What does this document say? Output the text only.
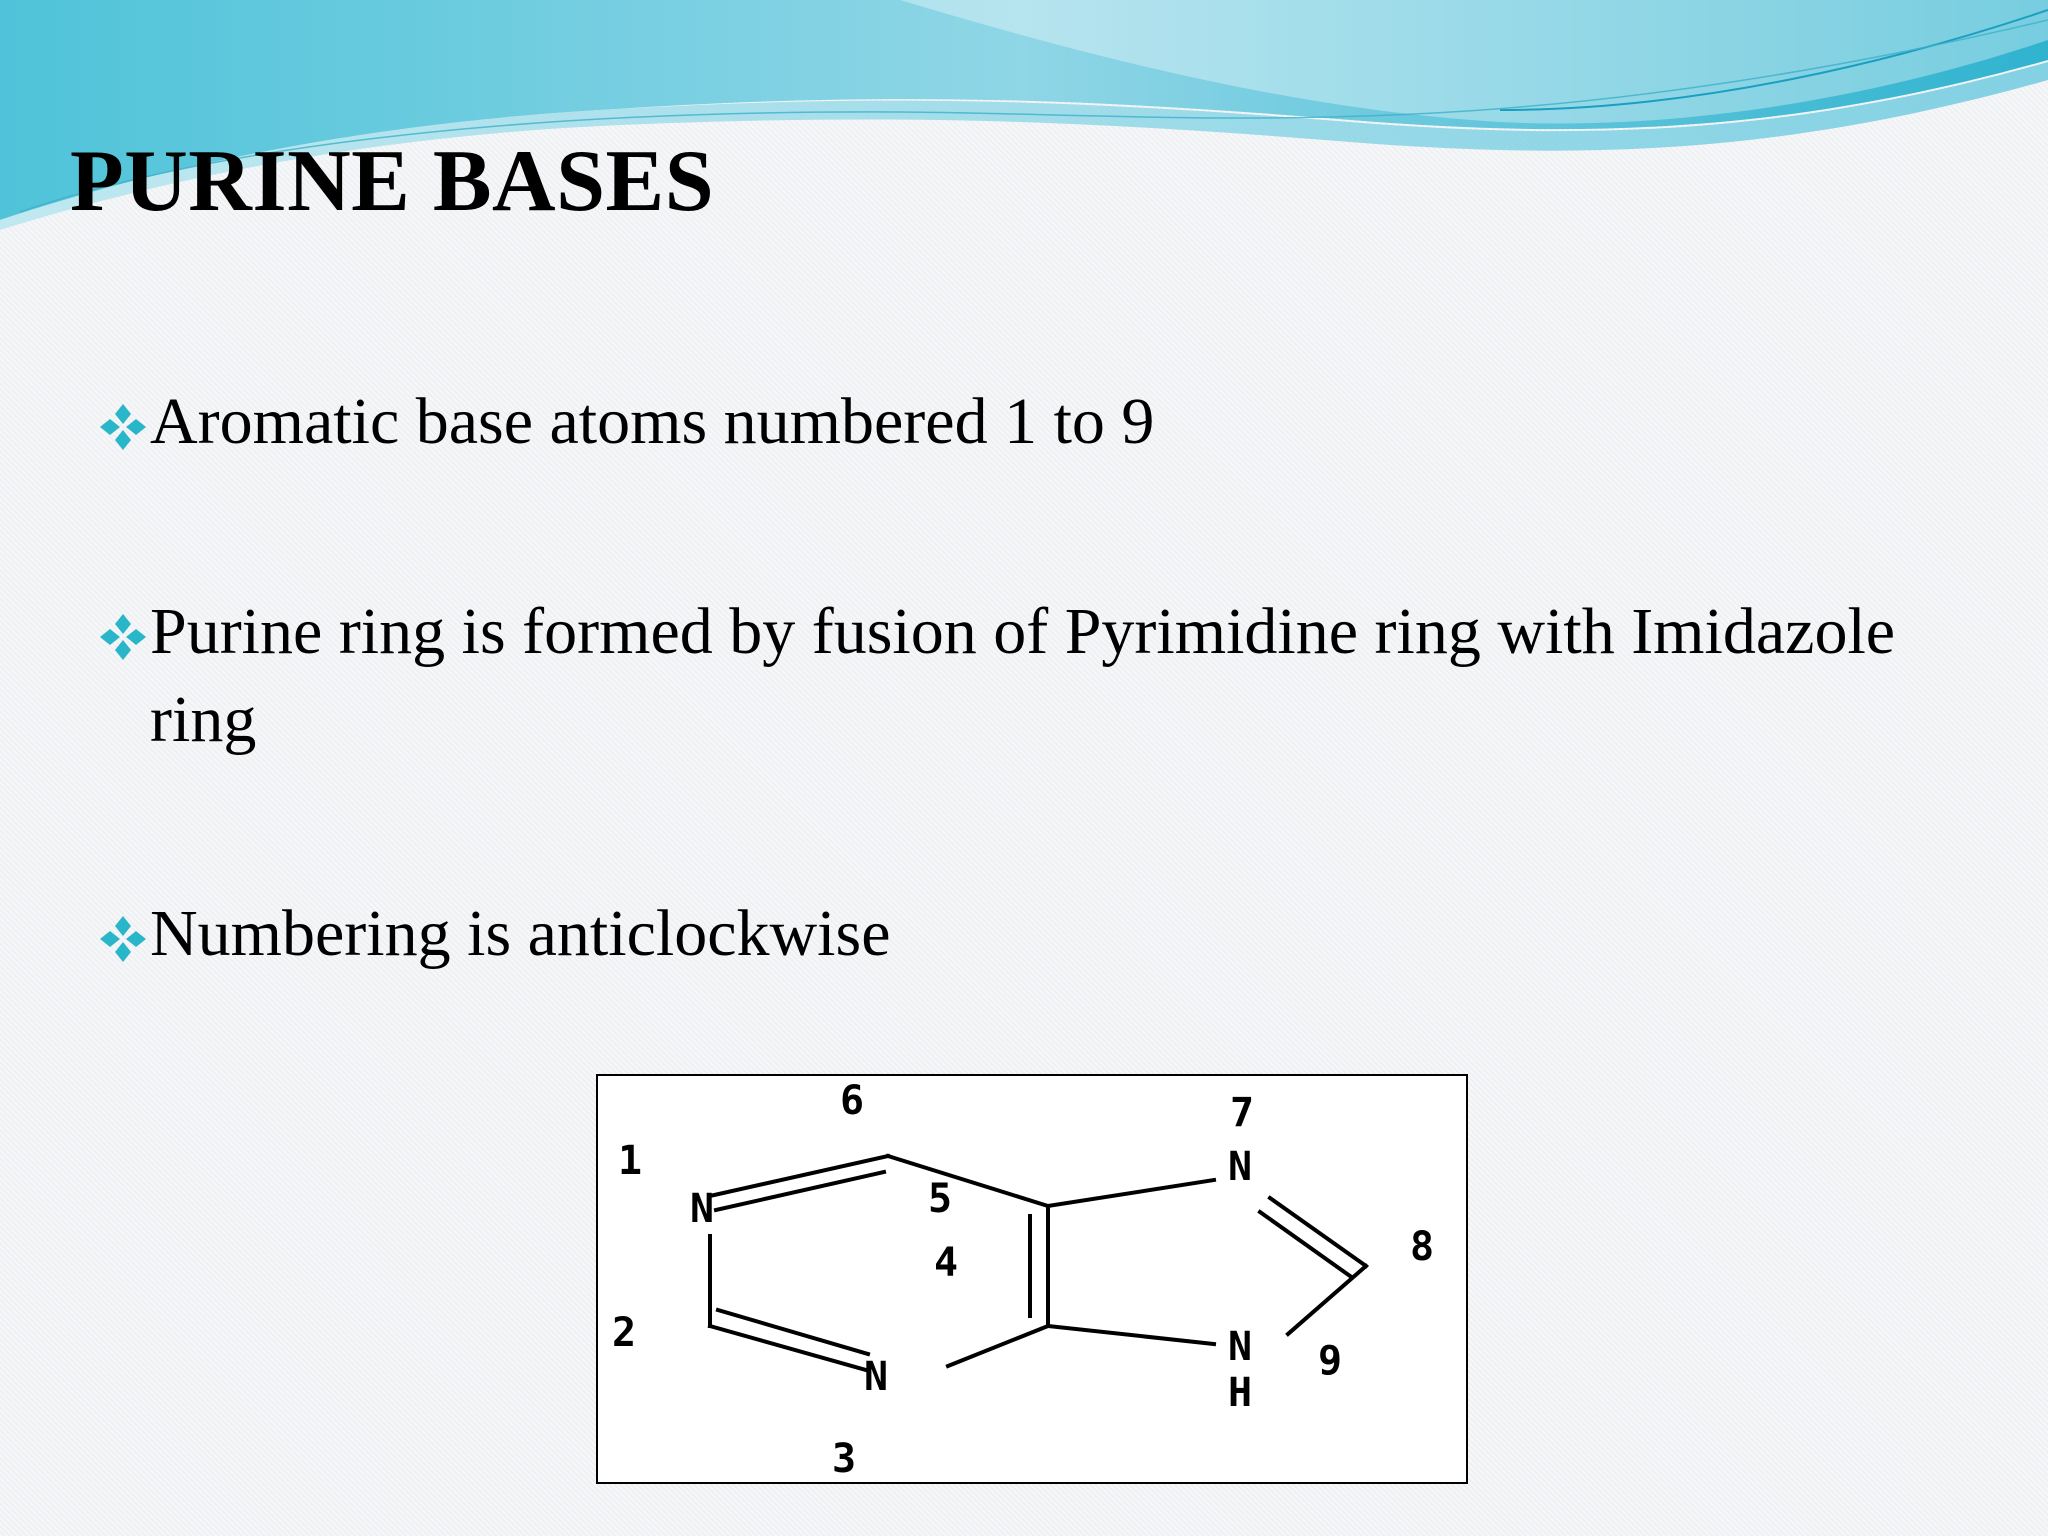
PURINE BASES
Aromatic base atoms numbered 1 to 9
Purine ring is formed by fusion of Pyrimidine ring with Imidazole ring
Numbering is anticlockwise
1
2
3
4
5
6	7
8
9
N
N
N
N
H
